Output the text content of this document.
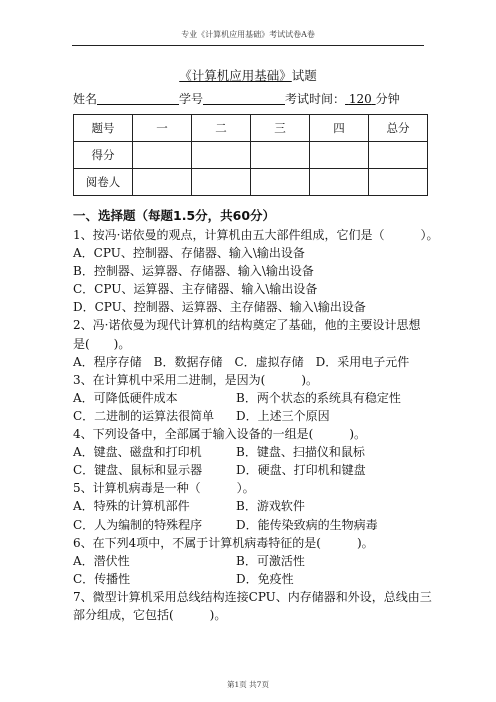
专业《计算机应用基础》考试试卷A卷
《计算机应用基础》试题
姓名	学号	考试时间： 120 分钟
题号	一	二	三	四	总分
得分					
阅卷人					
一、选择题（每题1.5分，共60分）
1、按冯·诺依曼的观点，计算机由五大部件组成，它们是（　　　）。
A．CPU、控制器、存储器、输入\输出设备
B．控制器、运算器、存储器、输入\输出设备
C．CPU、运算器、主存储器、输入\输出设备
D．CPU、控制器、运算器、主存储器、输入\输出设备
2、冯·诺依曼为现代计算机的结构奠定了基础，他的主要设计思想
是(　　)。
A．程序存储　B．数据存储　C．虚拟存储　D．采用电子元件
3、在计算机中采用二进制，是因为(　　　)。
A．可降低硬件成本	B．两个状态的系统具有稳定性
C．二进制的运算法很简单 D．上述三个原因
4、下列设备中，全部属于输入设备的一组是(　　　)。
A．键盘、磁盘和打印机	B．键盘、扫描仪和鼠标
C．键盘、鼠标和显示器	D．硬盘、打印机和键盘
5、计算机病毒是一种（　　　）。
A．特殊的计算机部件	B．游戏软件
C．人为编制的特殊程序	D．能传染致病的生物病毒
6、在下列4项中，不属于计算机病毒特征的是(　　　)。
A．潜伏性	B．可激活性
C．传播性	D．免疫性
7、微型计算机采用总线结构连接CPU、内存储器和外设，总线由三
部分组成，它包括(　　　)。
第1页 共7页
